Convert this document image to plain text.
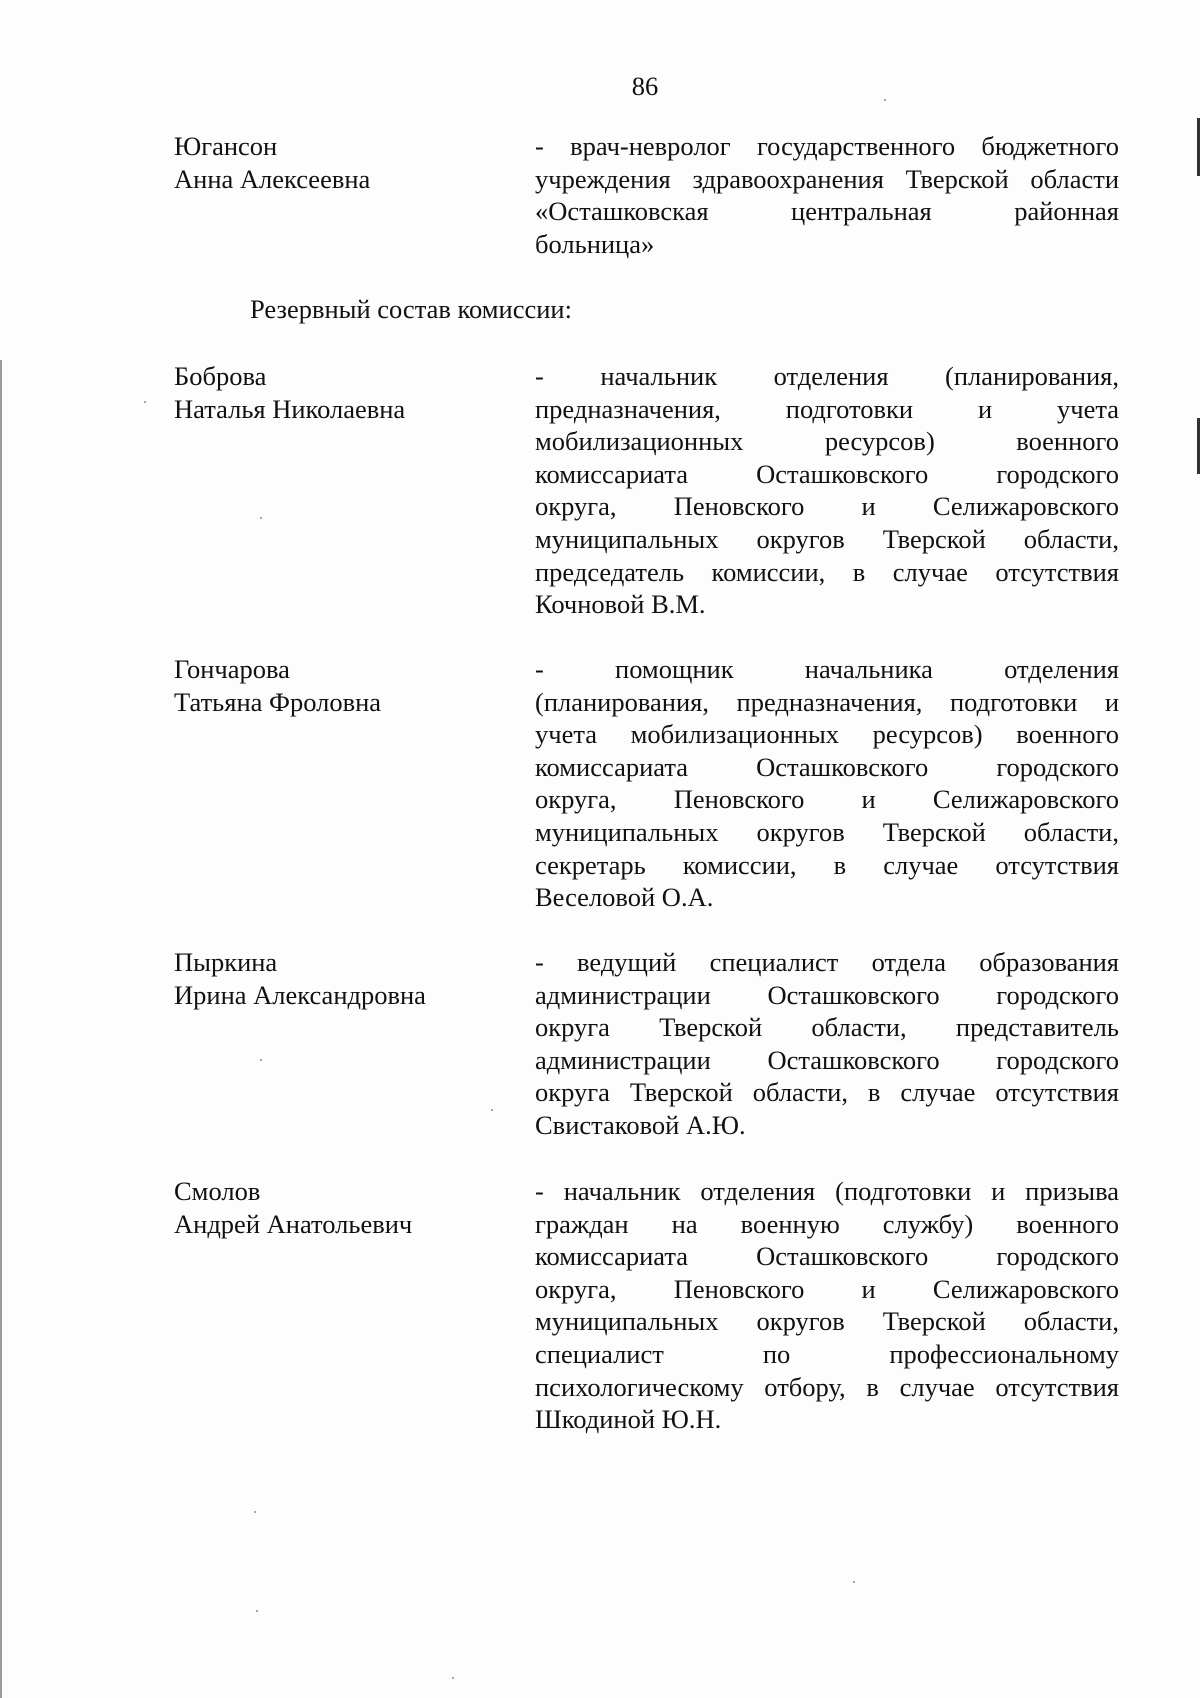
86
Югансон
Анна Алексеевна
- врач-невролог государственного бюджетного
учреждения здравоохранения Тверской области
«Осташковская центральная районная
больница»
Резервный состав комиссии:
Боброва
Наталья Николаевна
- начальник отделения (планирования,
предназначения, подготовки и учета
мобилизационных ресурсов) военного
комиссариата Осташковского городского
округа, Пеновского и Селижаровского
муниципальных округов Тверской области,
председатель комиссии, в случае отсутствия
Кочновой В.М.
Гончарова
Татьяна Фроловна
- помощник начальника отделения
(планирования, предназначения, подготовки и
учета мобилизационных ресурсов) военного
комиссариата Осташковского городского
округа, Пеновского и Селижаровского
муниципальных округов Тверской области,
секретарь комиссии, в случае отсутствия
Веселовой О.А.
Пыркина
Ирина Александровна
- ведущий специалист отдела образования
администрации Осташковского городского
округа Тверской области, представитель
администрации Осташковского городского
округа Тверской области, в случае отсутствия
Свистаковой А.Ю.
Смолов
Андрей Анатольевич
- начальник отделения (подготовки и призыва
граждан на военную службу) военного
комиссариата Осташковского городского
округа, Пеновского и Селижаровского
муниципальных округов Тверской области,
специалист по профессиональному
психологическому отбору, в случае отсутствия
Шкодиной Ю.Н.
